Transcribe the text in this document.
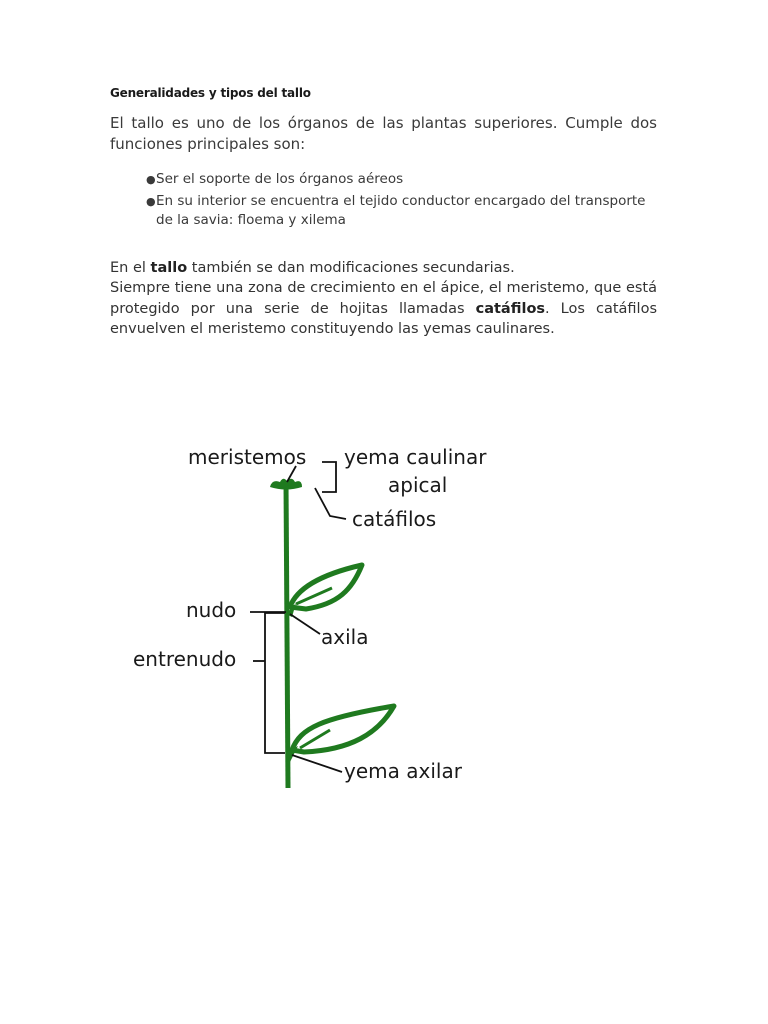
Generalidades y tipos del tallo
El tallo es uno de los órganos de las plantas superiores. Cumple dos funciones principales son:
● Ser el soporte de los órganos aéreos
● En su interior se encuentra el tejido conductor encargado del transporte de la savia: floema y xilema
En el tallo también se dan modificaciones secundarias.
Siempre tiene una zona de crecimiento en el ápice, el meristemo, que está protegido por una serie de hojitas llamadas catáfilos. Los catáfilos envuelven el meristemo constituyendo las yemas caulinares.
meristemos yema caulinar
apical
catáfilos
nudo
axila
entrenudo
yema axilar
